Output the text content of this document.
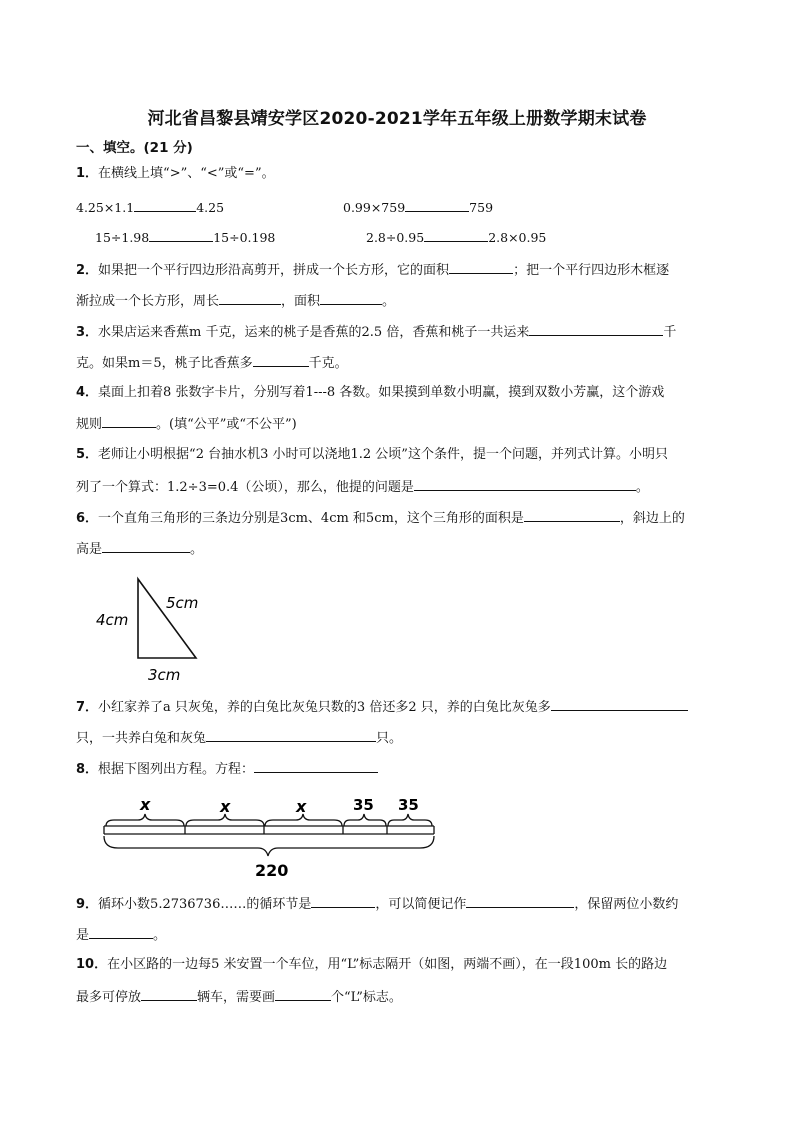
河北省昌黎县靖安学区2020-2021学年五年级上册数学期末试卷
一、填空。(21 分)
1．在横线上填“>”、“<”或“=”。
4.25×1.1	4.25	0.99×759	759
15÷1.98	15÷0.198	2.8÷0.95	2.8×0.95
2．如果把一个平行四边形沿高剪开，拼成一个长方形，它的面积	；把一个平行四边形木框逐
渐拉成一个长方形，周长	，面积	。
3．水果店运来香蕉m 千克，运来的桃子是香蕉的2.5 倍，香蕉和桃子一共运来	千
克。如果m＝5，桃子比香蕉多	千克。
4．桌面上扣着8 张数字卡片，分别写着1---8 各数。如果摸到单数小明赢，摸到双数小芳赢，这个游戏
规则	。(填“公平”或“不公平”)
5．老师让小明根据“2 台抽水机3 小时可以浇地1.2 公顷”这个条件，提一个问题，并列式计算。小明只
列了一个算式：1.2÷3=0.4（公顷），那么，他提的问题是	。
6．一个直角三角形的三条边分别是3cm、4cm 和5cm，这个三角形的面积是	，斜边上的
高是	。
4cm
5cm
3cm
7．小红家养了a 只灰兔，养的白兔比灰兔只数的3 倍还多2 只，养的白兔比灰兔多
只，一共养白兔和灰兔	只。
8．根据下图列出方程。方程：
x	x	x	35 35
220
9．循环小数5.2736736……的循环节是	，可以简便记作	，保留两位小数约
是	。
10．在小区路的一边每5 米安置一个车位，用“L”标志隔开（如图，两端不画），在一段100m 长的路边
最多可停放	辆车，需要画	个“L”标志。
